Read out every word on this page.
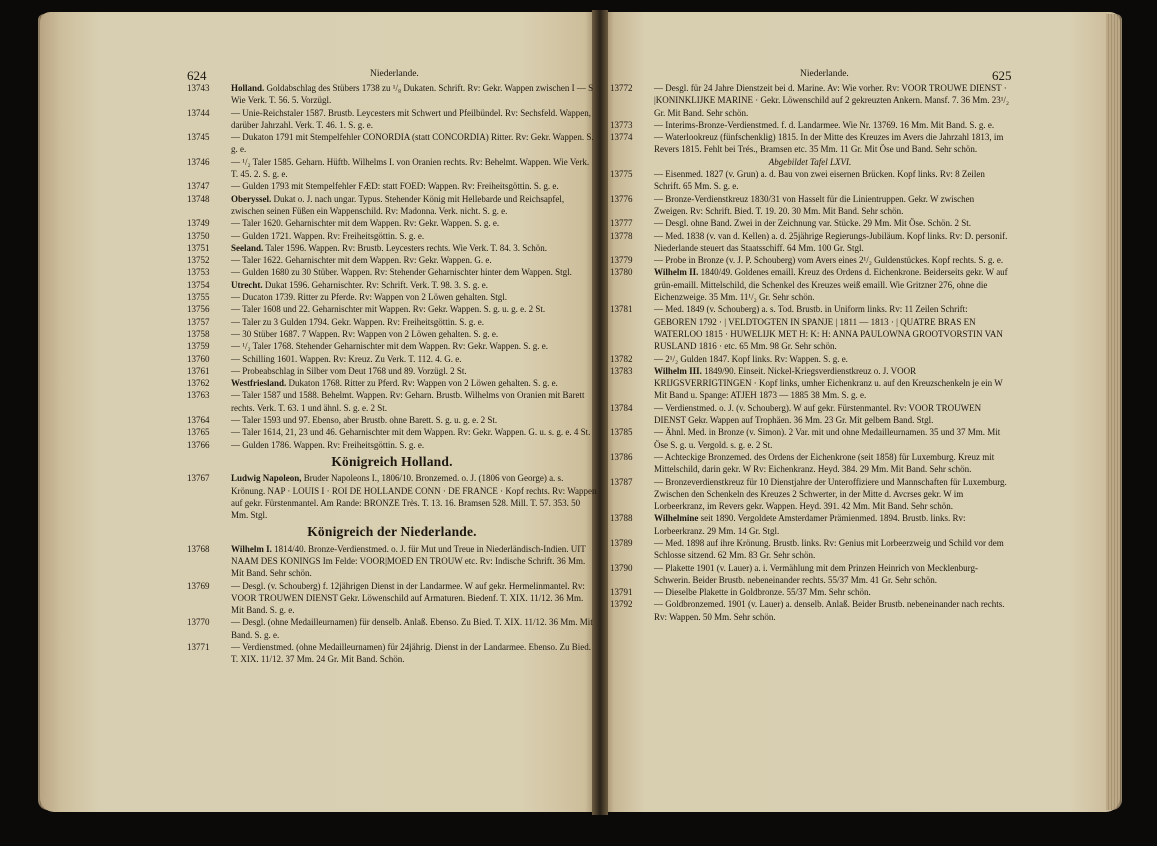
624	Niederlande.
13743	Holland. Goldabschlag des Stübers 1738 zu ¹/₈ Dukaten. Schrift. Rv: Gekr. Wappen zwischen I — S Wie Verk. T. 56. 5. Vorzügl.
13744	— Unie-Reichstaler 1587. Brustb. Leycesters mit Schwert und Pfeilbündel. Rv: Sechsfeld. Wappen, darüber Jahrzahl. Verk. T. 46. 1. S. g. e.
13745	— Dukaton 1791 mit Stempelfehler CONORDIA (statt CONCORDIA) Ritter. Rv: Gekr. Wappen. S. g. e.
13746	— ¹/₂ Taler 1585. Geharn. Hüftb. Wilhelms I. von Oranien rechts. Rv: Behelmt. Wappen. Wie Verk. T. 45. 2. S. g. e.
13747	— Gulden 1793 mit Stempelfehler FÆD: statt FOED: Wappen. Rv: Freiheitsgöttin. S. g. e.
13748	Oberyssel. Dukat o. J. nach ungar. Typus. Stehender König mit Hellebarde und Reichsapfel, zwischen seinen Füßen ein Wappenschild. Rv: Madonna. Verk. nicht. S. g. e.
13749	— Taler 1620. Geharnischter mit dem Wappen. Rv: Gekr. Wappen. S. g. e.
13750	— Gulden 1721. Wappen. Rv: Freiheitsgöttin. S. g. e.
13751	Seeland. Taler 1596. Wappen. Rv: Brustb. Leycesters rechts. Wie Verk. T. 84. 3. Schön.
13752	— Taler 1622. Geharnischter mit dem Wappen. Rv: Gekr. Wappen. G. e.
13753	— Gulden 1680 zu 30 Stüber. Wappen. Rv: Stehender Geharnischter hinter dem Wappen. Stgl.
13754	Utrecht. Dukat 1596. Geharnischter. Rv: Schrift. Verk. T. 98. 3. S. g. e.
13755	— Ducaton 1739. Ritter zu Pferde. Rv: Wappen von 2 Löwen gehalten. Stgl.
13756	— Taler 1608 und 22. Geharnischter mit Wappen. Rv: Gekr. Wappen. S. g. u. g. e. 2 St.
13757	— Taler zu 3 Gulden 1794. Gekr. Wappen. Rv: Freiheitsgöttin. S. g. e.
13758	— 30 Stüber 1687. 7 Wappen. Rv: Wappen von 2 Löwen gehalten. S. g. e.
13759	— ¹/₂ Taler 1768. Stehender Geharnischter mit dem Wappen. Rv: Gekr. Wappen. S. g. e.
13760	— Schilling 1601. Wappen. Rv: Kreuz. Zu Verk. T. 112. 4. G. e.
13761	— Probeabschlag in Silber vom Deut 1768 und 89. Vorzügl. 2 St.
13762	Westfriesland. Dukaton 1768. Ritter zu Pferd. Rv: Wappen von 2 Löwen gehalten. S. g. e.
13763	— Taler 1587 und 1588. Behelmt. Wappen. Rv: Geharn. Brustb. Wilhelms von Oranien mit Barett rechts. Verk. T. 63. 1 und ähnl. S. g. e. 2 St.
13764	— Taler 1593 und 97. Ebenso, aber Brustb. ohne Barett. S. g. u. g. e. 2 St.
13765	— Taler 1614, 21, 23 und 46. Geharnischter mit dem Wappen. Rv: Gekr. Wappen. G. u. s. g. e. 4 St.
13766	— Gulden 1786. Wappen. Rv: Freiheitsgöttin. S. g. e.
Königreich Holland.
13767	Ludwig Napoleon, Bruder Napoleons I., 1806/10. Bronzemed. o. J. (1806 von George) a. s. Krönung. NAP · LOUIS I · ROI DE HOLLANDE CONN · DE FRANCE · Kopf rechts. Rv: Wappen auf gekr. Fürstenmantel. Am Rande: BRONZE Très. T. 13. 16. Bramsen 528. Mill. T. 57. 353. 50 Mm. Stgl.
Königreich der Niederlande.
13768	Wilhelm I. 1814/40. Bronze-Verdienstmed. o. J. für Mut und Treue in Niederländisch-Indien. UIT NAAM DES KONINGS Im Felde: VOOR|MOED EN TROUW etc. Rv: Indische Schrift. 36 Mm. Mit Band. Sehr schön.
13769	— Desgl. (v. Schouberg) f. 12jährigen Dienst in der Landarmee. W auf gekr. Hermelinmantel. Rv: VOOR TROUWEN DIENST Gekr. Löwenschild auf Armaturen. Biedenf. T. XIX. 11/12. 36 Mm. Mit Band. S. g. e.
13770	— Desgl. (ohne Medailleurnamen) für denselb. Anlaß. Ebenso. Zu Bied. T. XIX. 11/12. 36 Mm. Mit Band. S. g. e.
13771	— Verdienstmed. (ohne Medailleurnamen) für 24jährig. Dienst in der Landarmee. Ebenso. Zu Bied. T. XIX. 11/12. 37 Mm. 24 Gr. Mit Band. Schön.
Niederlande.	625
13772	— Desgl. für 24 Jahre Dienstzeit bei d. Marine. Av: Wie vorher. Rv: VOOR TROUWE DIENST · |KONINKLIJKE MARINE · Gekr. Löwenschild auf 2 gekreuzten Ankern. Mansf. 7. 36 Mm. 23¹/₂ Gr. Mit Band. Sehr schön.
13773	— Interims-Bronze-Verdienstmed. f. d. Landarmee. Wie Nr. 13769. 16 Mm. Mit Band. S. g. e.
13774	— Waterlookreuz (fünfschenklig) 1815. In der Mitte des Kreuzes im Avers die Jahrzahl 1813, im Revers 1815. Fehlt bei Trés., Bramsen etc. 35 Mm. 11 Gr. Mit Öse und Band. Sehr schön.
Abgebildet Tafel LXVI.
13775	— Eisenmed. 1827 (v. Grun) a. d. Bau von zwei eisernen Brücken. Kopf links. Rv: 8 Zeilen Schrift. 65 Mm. S. g. e.
13776	— Bronze-Verdienstkreuz 1830/31 von Hasselt für die Linientruppen. Gekr. W zwischen Zweigen. Rv: Schrift. Bied. T. 19. 20. 30 Mm. Mit Band. Sehr schön.
13777	— Desgl. ohne Band. Zwei in der Zeichnung var. Stücke. 29 Mm. Mit Öse. Schön. 2 St.
13778	— Med. 1838 (v. van d. Kellen) a. d. 25jährige Regierungs-Jubiläum. Kopf links. Rv: D. personif. Niederlande steuert das Staatsschiff. 64 Mm. 100 Gr. Stgl.
13779	— Probe in Bronze (v. J. P. Schouberg) vom Avers eines 2¹/₂ Guldenstückes. Kopf rechts. S. g. e.
13780	Wilhelm II. 1840/49. Goldenes emaill. Kreuz des Ordens d. Eichenkrone. Beiderseits gekr. W auf grün-emaill. Mittelschild, die Schenkel des Kreuzes weiß emaill. Wie Gritzner 276, ohne die Eichenzweige. 35 Mm. 11¹/₂ Gr. Sehr schön.
13781	— Med. 1849 (v. Schouberg) a. s. Tod. Brustb. in Uniform links. Rv: 11 Zeilen Schrift: GEBOREN 1792 · | VELDTOGTEN IN SPANJE | 1811 — 1813 · | QUATRE BRAS EN WATERLOO 1815 · HUWELIJK MET H: K: H: ANNA PAULOWNA GROOTVORSTIN VAN RUSLAND 1816 · etc. 65 Mm. 98 Gr. Sehr schön.
13782	— 2¹/₂ Gulden 1847. Kopf links. Rv: Wappen. S. g. e.
13783	Wilhelm III. 1849/90. Einseit. Nickel-Kriegsverdienstkreuz o. J. VOOR KRIJGSVERRIGTINGEN · Kopf links, umher Eichenkranz u. auf den Kreuzschenkeln je ein W Mit Band u. Spange: ATJEH 1873 — 1885 38 Mm. S. g. e.
13784	— Verdienstmed. o. J. (v. Schouberg). W auf gekr. Fürstenmantel. Rv: VOOR TROUWEN DIENST Gekr. Wappen auf Trophäen. 36 Mm. 23 Gr. Mit gelbem Band. Stgl.
13785	— Ähnl. Med. in Bronze (v. Simon). 2 Var. mit und ohne Medailleurnamen. 35 und 37 Mm. Mit Öse S. g. u. Vergold. s. g. e. 2 St.
13786	— Achteckige Bronzemed. des Ordens der Eichenkrone (seit 1858) für Luxemburg. Kreuz mit Mittelschild, darin gekr. W Rv: Eichenkranz. Heyd. 384. 29 Mm. Mit Band. Sehr schön.
13787	— Bronzeverdienstkreuz für 10 Dienstjahre der Unteroffiziere und Mannschaften für Luxemburg. Zwischen den Schenkeln des Kreuzes 2 Schwerter, in der Mitte d. Avcrses gekr. W im Lorbeerkranz, im Revers gekr. Wappen. Heyd. 391. 42 Mm. Mit Band. Sehr schön.
13788	Wilhelmine seit 1890. Vergoldete Amsterdamer Prämienmed. 1894. Brustb. links. Rv: Lorbeerkranz. 29 Mm. 14 Gr. Stgl.
13789	— Med. 1898 auf ihre Krönung. Brustb. links. Rv: Genius mit Lorbeerzweig und Schild vor dem Schlosse sitzend. 62 Mm. 83 Gr. Sehr schön.
13790	— Plakette 1901 (v. Lauer) a. i. Vermählung mit dem Prinzen Heinrich von Mecklenburg-Schwerin. Beider Brustb. nebeneinander rechts. 55/37 Mm. 41 Gr. Sehr schön.
13791	— Dieselbe Plakette in Goldbronze. 55/37 Mm. Sehr schön.
13792	— Goldbronzemed. 1901 (v. Lauer) a. denselb. Anlaß. Beider Brustb. nebeneinander nach rechts. Rv: Wappen. 50 Mm. Sehr schön.
